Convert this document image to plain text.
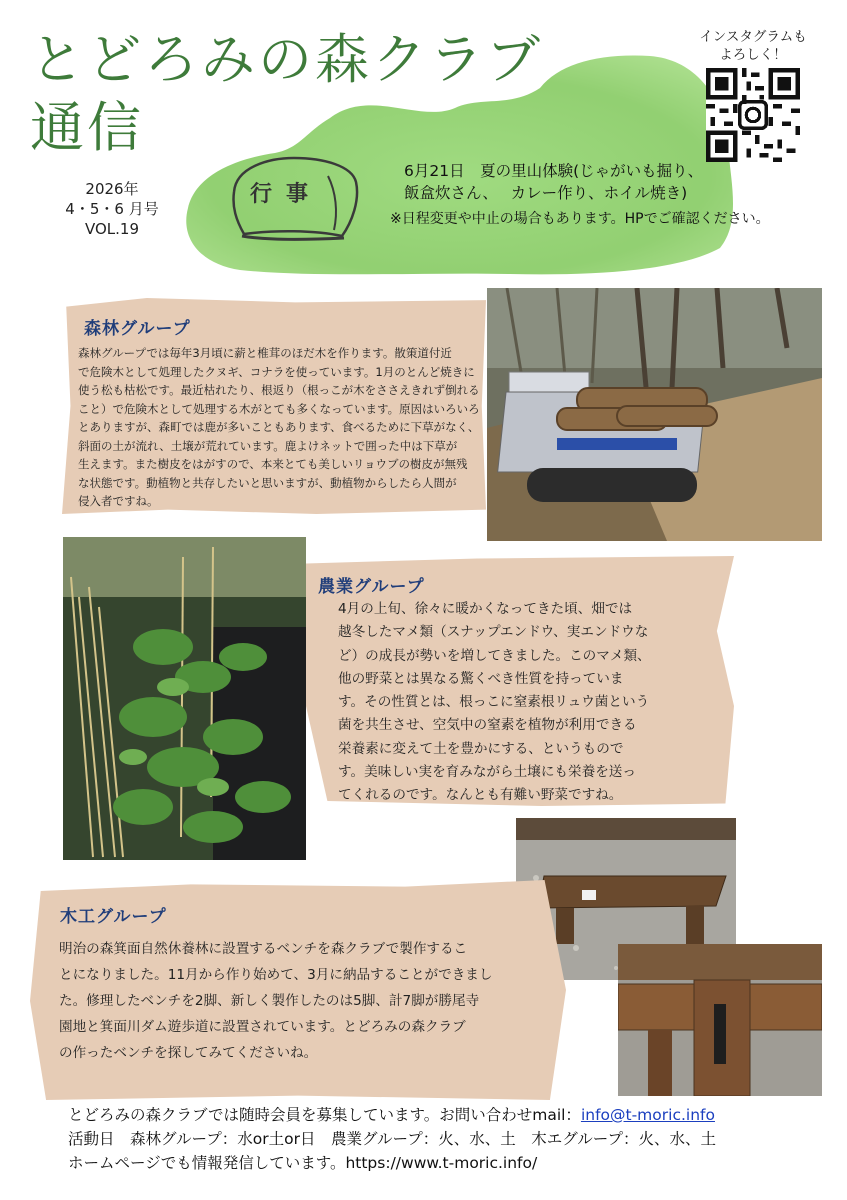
とどろみの森クラブ
通信
2026年
4・5・6 月号
VOL.19
インスタグラムも
よろしく！
行事
6月21日　夏の里山体験(じゃがいも掘り、
飯盒炊さん、　 カレー作り、ホイル焼き)
※日程変更や中止の場合もあります。HPでご確認ください。
森林グループ
森林グループでは毎年3月頃に薪と椎茸のほだ木を作ります。散策道付近
で危険木として処理したクヌギ、コナラを使っています。1月のとんど焼きに
使う松も枯松です。最近枯れたり、根返り（根っこが木をささえきれず倒れる
こと）で危険木として処理する木がとても多くなっています。原因はいろいろ
とありますが、森町では鹿が多いこともあります、食べるために下草がなく、
斜面の土が流れ、土壌が荒れています。鹿よけネットで囲った中は下草が
生えます。また樹皮をはがすので、本来とても美しいリョウブの樹皮が無残
な状態です。動植物と共存したいと思いますが、動植物からしたら人間が
侵入者ですね。
農業グループ
4月の上旬、徐々に暖かくなってきた頃、畑では
越冬したマメ類（スナップエンドウ、実エンドウな
ど）の成長が勢いを増してきました。このマメ類、
他の野菜とは異なる驚くべき性質を持っていま
す。その性質とは、根っこに窒素根リュウ菌という
菌を共生させ、空気中の窒素を植物が利用できる
栄養素に変えて土を豊かにする、というもので
す。美味しい実を育みながら土壌にも栄養を送っ
てくれるのです。なんとも有難い野菜ですね。
木工グループ
明治の森箕面自然休養林に設置するベンチを森クラブで製作するこ
とになりました。11月から作り始めて、3月に納品することができまし
た。修理したベンチを2脚、新しく製作したのは5脚、計7脚が勝尾寺
園地と箕面川ダム遊歩道に設置されています。とどろみの森クラブ
の作ったベンチを探してみてくださいね。
とどろみの森クラブでは随時会員を募集しています。お問い合わせmail：info@t-moric.info
活動日　森林グループ：水or土or日　農業グループ：火、水、土　木エグループ：火、水、土
ホームページでも情報発信しています。https://www.t-moric.info/
